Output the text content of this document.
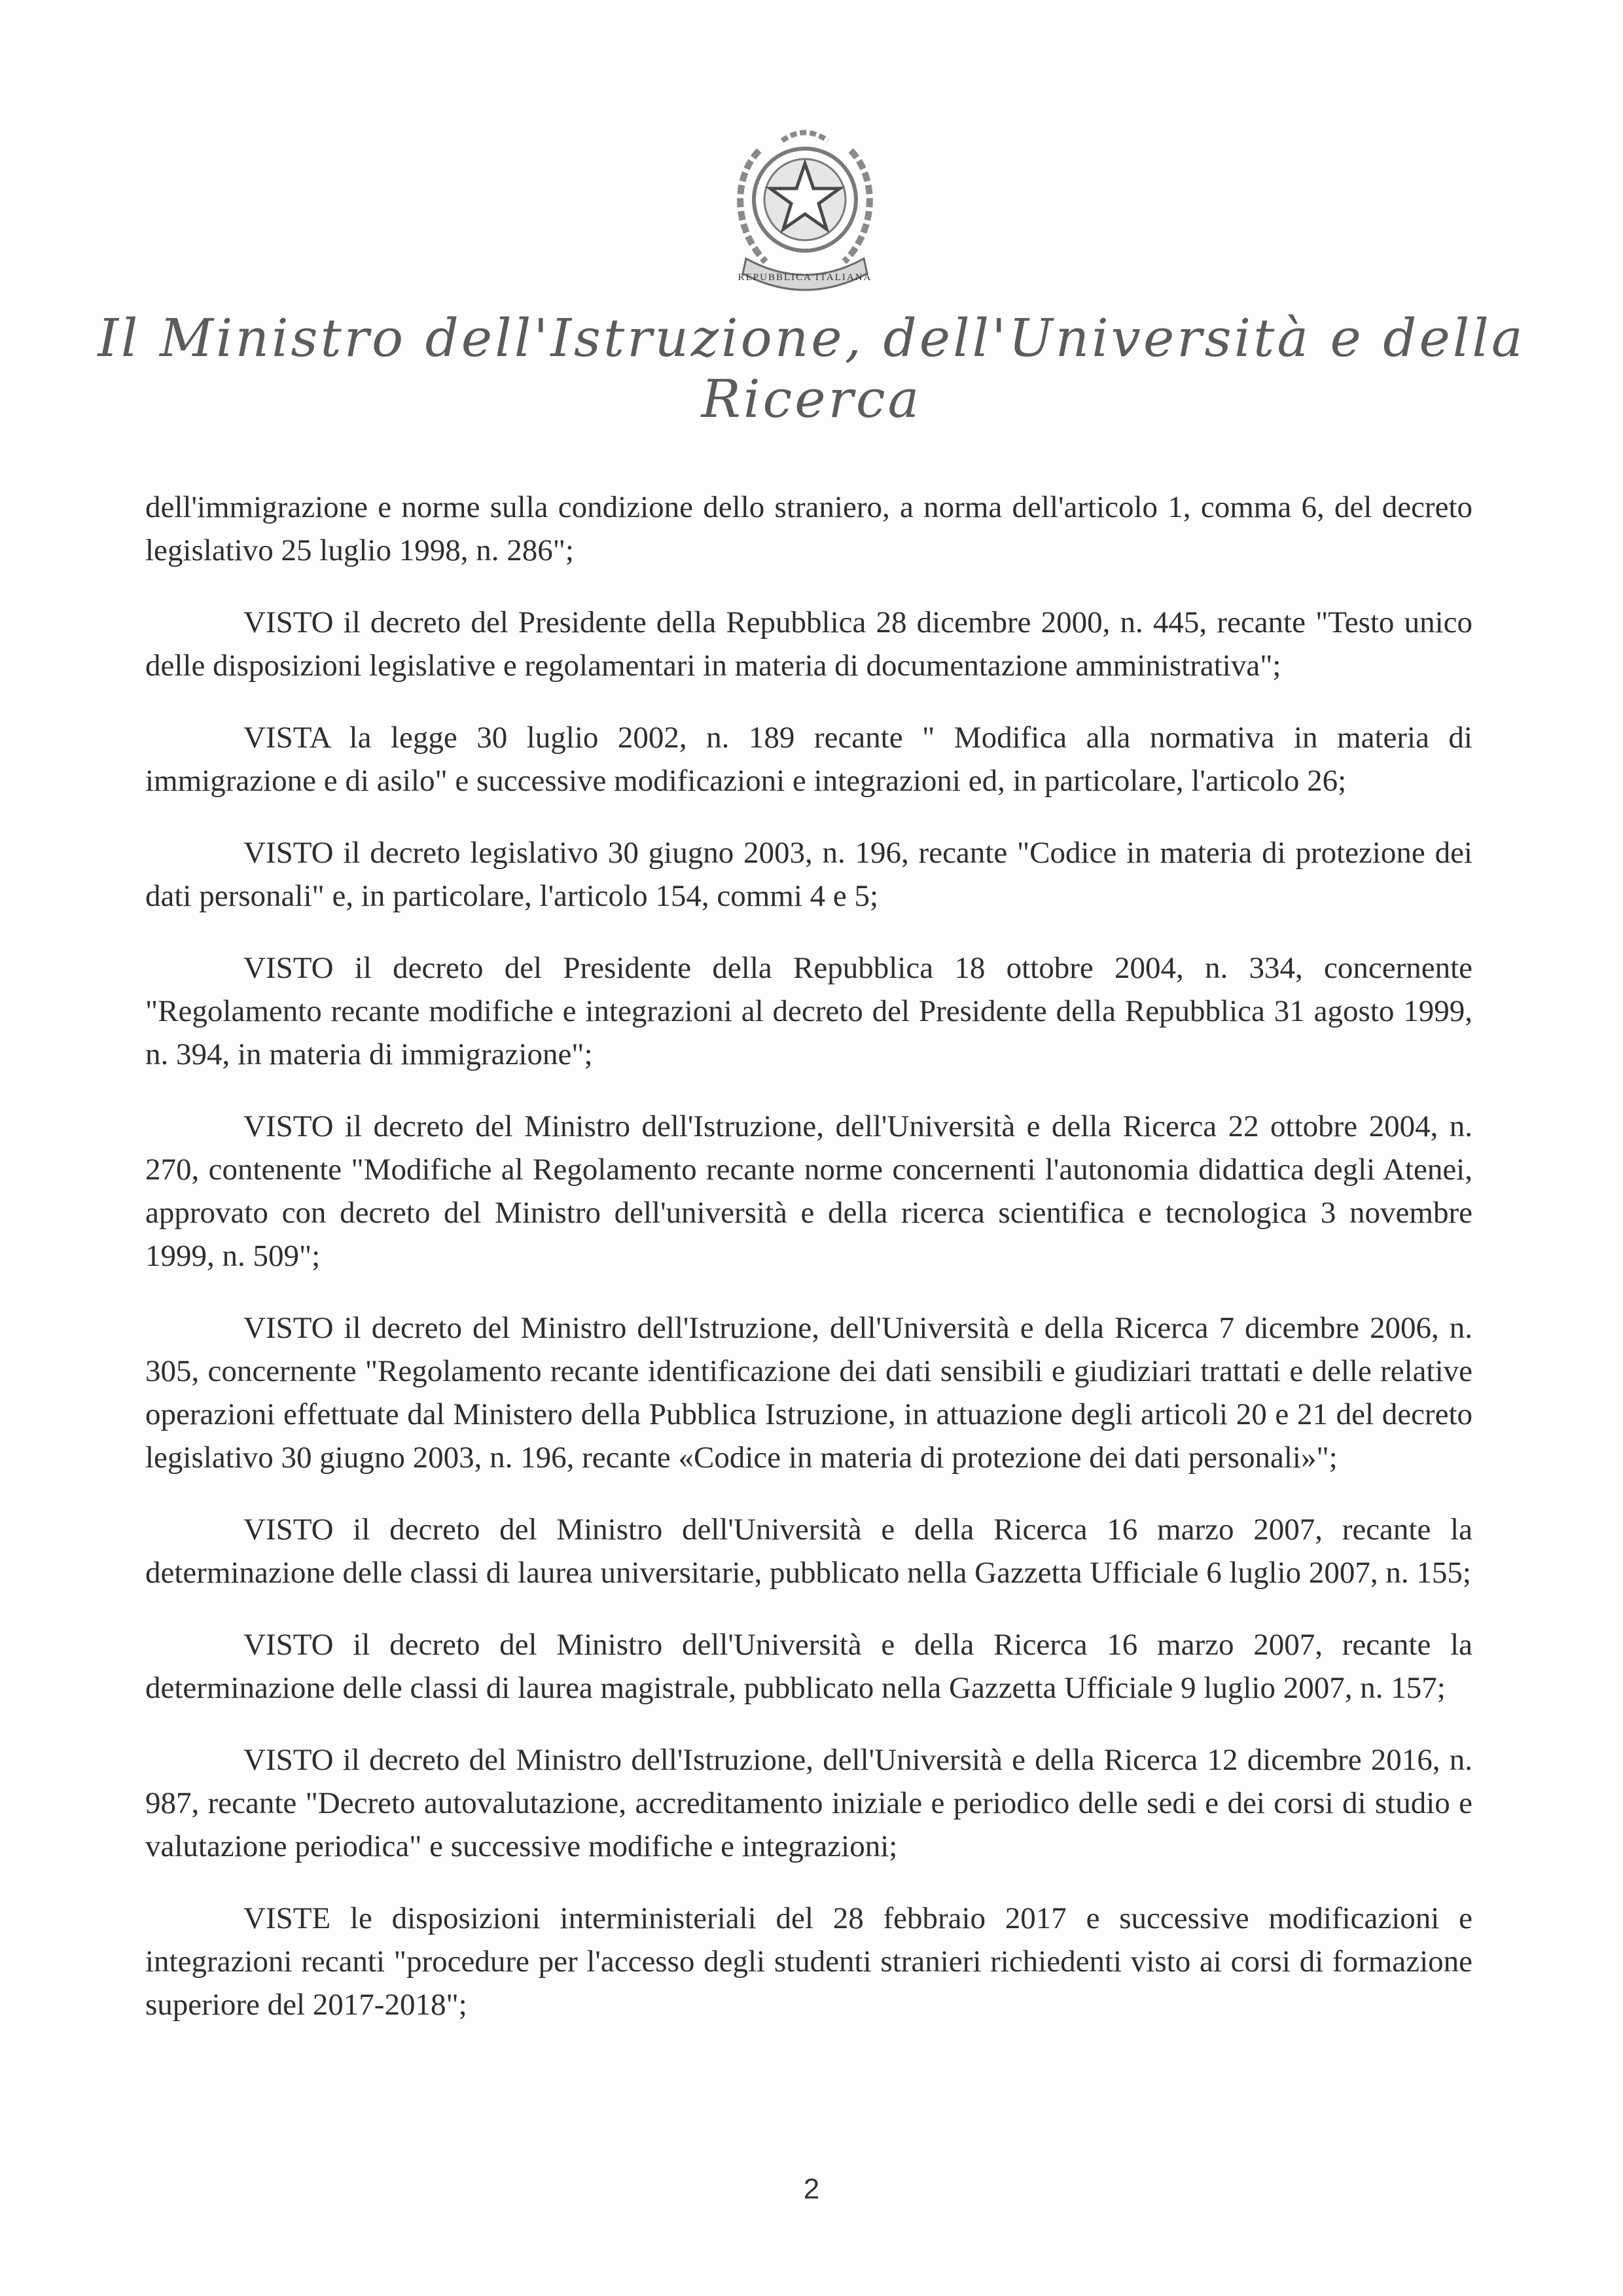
REPUBBLICA ITALIANA
Il Ministro dell'Istruzione, dell'Università e della Ricerca

dell'immigrazione e norme sulla condizione dello straniero, a norma dell'articolo 1, comma 6, del decreto legislativo 25 luglio 1998, n. 286";

VISTO il decreto del Presidente della Repubblica 28 dicembre 2000, n. 445, recante "Testo unico delle disposizioni legislative e regolamentari in materia di documentazione amministrativa";

VISTA la legge 30 luglio 2002, n. 189 recante " Modifica alla normativa in materia di immigrazione e di asilo" e successive modificazioni e integrazioni ed, in particolare, l'articolo 26;

VISTO il decreto legislativo 30 giugno 2003, n. 196, recante "Codice in materia di protezione dei dati personali" e, in particolare, l'articolo 154, commi 4 e 5;

VISTO il decreto del Presidente della Repubblica 18 ottobre 2004, n. 334, concernente "Regolamento recante modifiche e integrazioni al decreto del Presidente della Repubblica 31 agosto 1999, n. 394, in materia di immigrazione";

VISTO il decreto del Ministro dell'Istruzione, dell'Università e della Ricerca 22 ottobre 2004, n. 270, contenente "Modifiche al Regolamento recante norme concernenti l'autonomia didattica degli Atenei, approvato con decreto del Ministro dell'università e della ricerca scientifica e tecnologica 3 novembre 1999, n. 509";

VISTO il decreto del Ministro dell'Istruzione, dell'Università e della Ricerca 7 dicembre 2006, n. 305, concernente "Regolamento recante identificazione dei dati sensibili e giudiziari trattati e delle relative operazioni effettuate dal Ministero della Pubblica Istruzione, in attuazione degli articoli 20 e 21 del decreto legislativo 30 giugno 2003, n. 196, recante «Codice in materia di protezione dei dati personali»";

VISTO il decreto del Ministro dell'Università e della Ricerca 16 marzo 2007, recante la determinazione delle classi di laurea universitarie, pubblicato nella Gazzetta Ufficiale 6 luglio 2007, n. 155;

VISTO il decreto del Ministro dell'Università e della Ricerca 16 marzo 2007, recante la determinazione delle classi di laurea magistrale, pubblicato nella Gazzetta Ufficiale 9 luglio 2007, n. 157;

VISTO il decreto del Ministro dell'Istruzione, dell'Università e della Ricerca 12 dicembre 2016, n. 987, recante "Decreto autovalutazione, accreditamento iniziale e periodico delle sedi e dei corsi di studio e valutazione periodica" e successive modifiche e integrazioni;

VISTE le disposizioni interministeriali del 28 febbraio 2017 e successive modificazioni e integrazioni recanti "procedure per l'accesso degli studenti stranieri richiedenti visto ai corsi di formazione superiore del 2017-2018";

2
